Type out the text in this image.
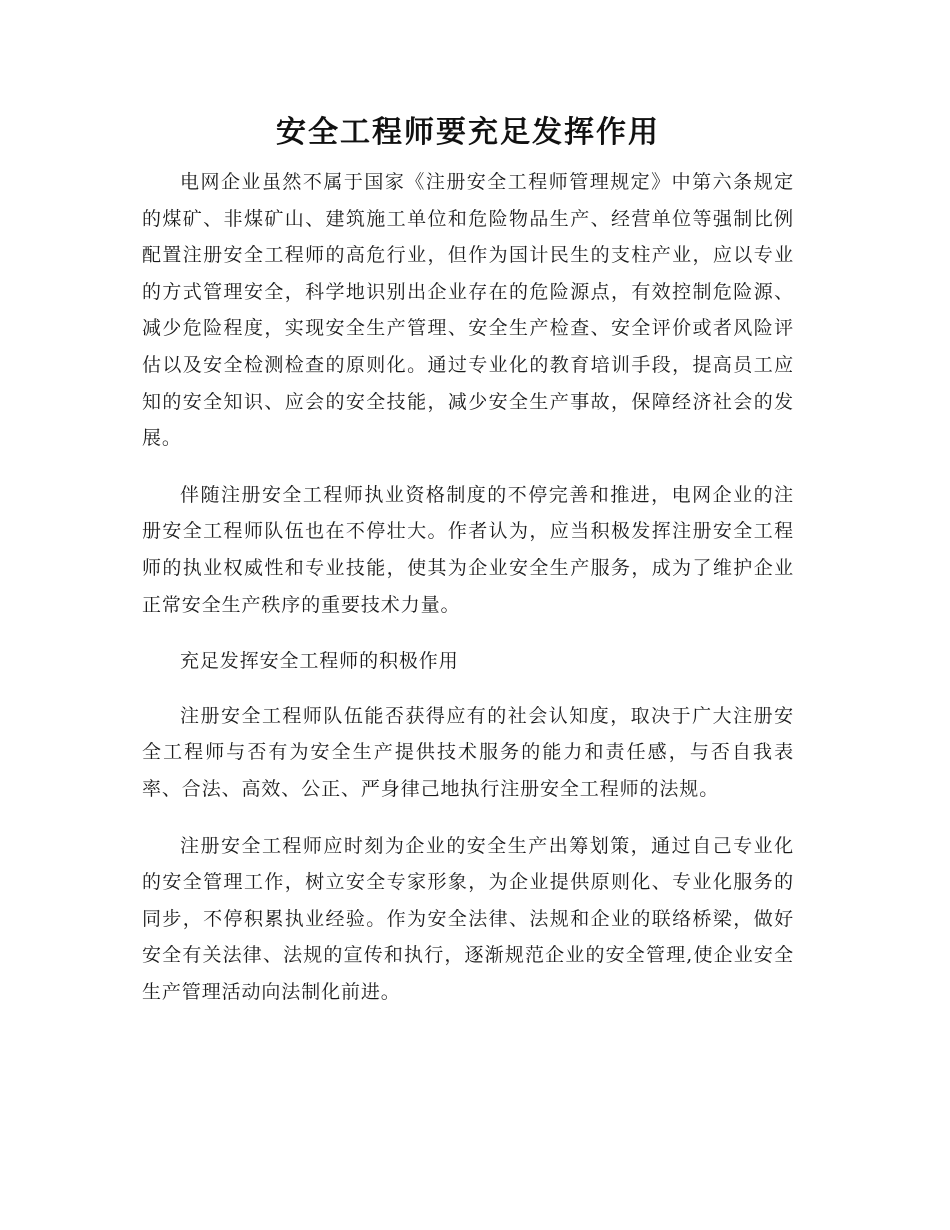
安全工程师要充足发挥作用

电网企业虽然不属于国家《注册安全工程师管理规定》中第六条规定的煤矿、非煤矿山、建筑施工单位和危险物品生产、经营单位等强制比例配置注册安全工程师的高危行业，但作为国计民生的支柱产业，应以专业的方式管理安全，科学地识别出企业存在的危险源点，有效控制危险源、减少危险程度，实现安全生产管理、安全生产检查、安全评价或者风险评估以及安全检测检查的原则化。通过专业化的教育培训手段，提高员工应知的安全知识、应会的安全技能，减少安全生产事故，保障经济社会的发展。

伴随注册安全工程师执业资格制度的不停完善和推进，电网企业的注册安全工程师队伍也在不停壮大。作者认为，应当积极发挥注册安全工程师的执业权威性和专业技能，使其为企业安全生产服务，成为了维护企业正常安全生产秩序的重要技术力量。

充足发挥安全工程师的积极作用

注册安全工程师队伍能否获得应有的社会认知度，取决于广大注册安全工程师与否有为安全生产提供技术服务的能力和责任感，与否自我表率、合法、高效、公正、严身律己地执行注册安全工程师的法规。

注册安全工程师应时刻为企业的安全生产出筹划策，通过自己专业化的安全管理工作，树立安全专家形象，为企业提供原则化、专业化服务的同步，不停积累执业经验。作为安全法律、法规和企业的联络桥梁，做好安全有关法律、法规的宣传和执行，逐渐规范企业的安全管理,使企业安全生产管理活动向法制化前进。
